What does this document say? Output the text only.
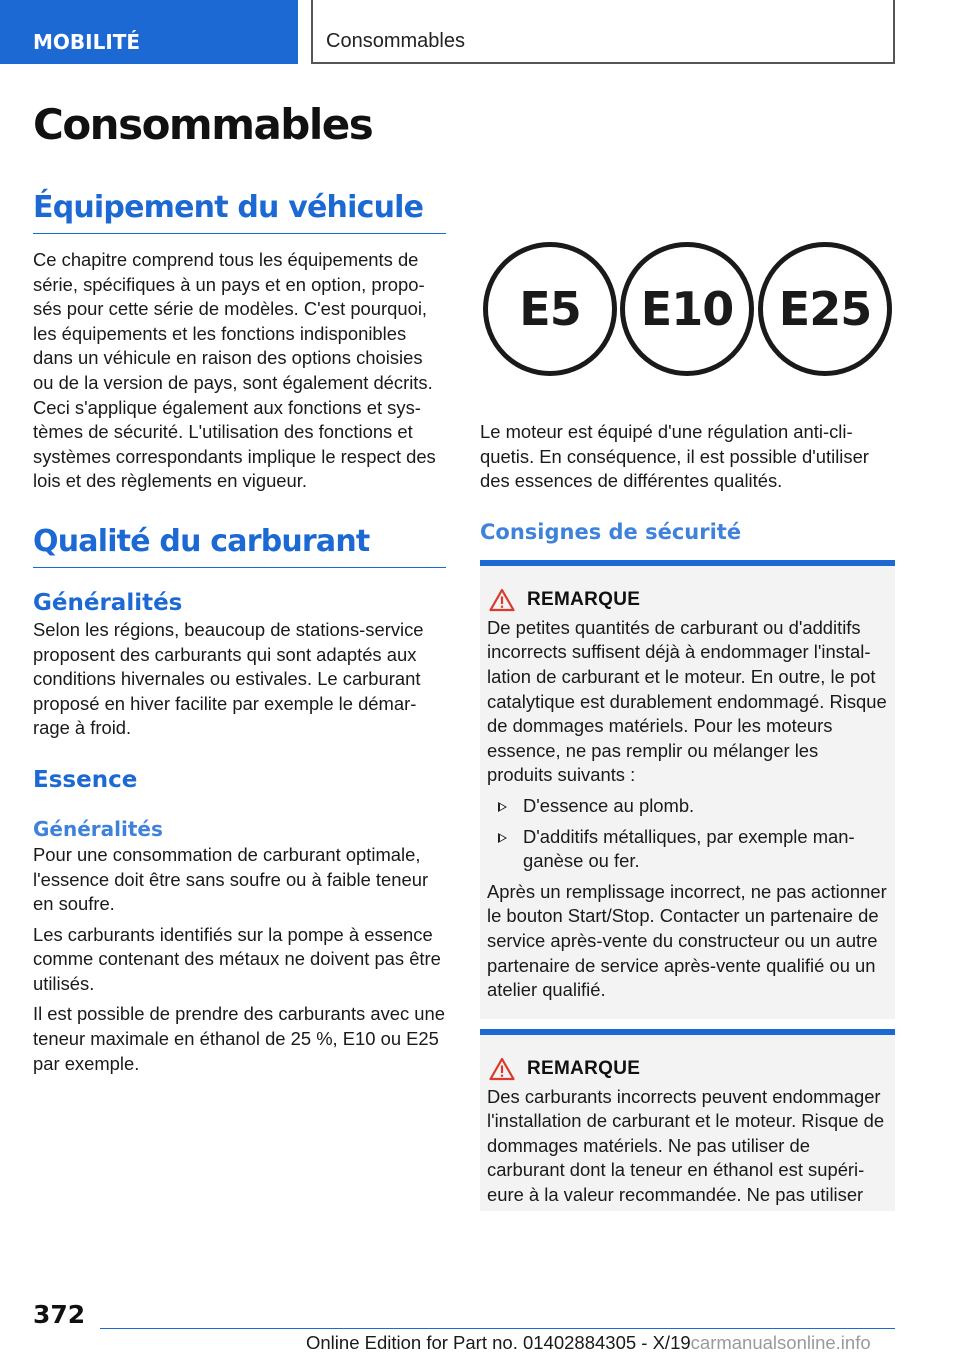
MOBILITÉ	Consommables
Consommables
Équipement du véhicule

Ce chapitre comprend tous les équipements de série, spécifiques à un pays et en option, proposés pour cette série de modèles. C'est pourquoi, les équipements et les fonctions indisponibles dans un véhicule en raison des options choisies ou de la version de pays, sont également décrits. Ceci s'applique également aux fonctions et systèmes de sécurité. L'utilisation des fonctions et systèmes correspondants implique le respect des lois et des règlements en vigueur.

Qualité du carburant
Généralités

Selon les régions, beaucoup de stations-service proposent des carburants qui sont adaptés aux conditions hivernales ou estivales. Le carburant proposé en hiver facilite par exemple le démarrage à froid.

Essence
Généralités

Pour une consommation de carburant optimale, l'essence doit être sans soufre ou à faible teneur en soufre.

Les carburants identifiés sur la pompe à essence comme contenant des métaux ne doivent pas être utilisés.

Il est possible de prendre des carburants avec une teneur maximale en éthanol de 25 %, E10 ou E25 par exemple.

E5	E10 E25

Le moteur est équipé d'une régulation anti-cliquetis. En conséquence, il est possible d'utiliser des essences de différentes qualités.

Consignes de sécurité
REMARQUE

De petites quantités de carburant ou d'additifs incorrects suffisent déjà à endommager l'installation de carburant et le moteur. En outre, le pot catalytique est durablement endommagé. Risque de dommages matériels. Pour les moteurs essence, ne pas remplir ou mélanger les produits suivants :

D'essence au plomb.
D'additifs métalliques, par exemple manganèse ou fer.

Après un remplissage incorrect, ne pas actionner le bouton Start/Stop. Contacter un partenaire de service après-vente du constructeur ou un autre partenaire de service après-vente qualifié ou un atelier qualifié.

REMARQUE

Des carburants incorrects peuvent endommager l'installation de carburant et le moteur. Risque de dommages matériels. Ne pas utiliser de carburant dont la teneur en éthanol est supérieure à la valeur recommandée. Ne pas utiliser

372
Online Edition for Part no. 01402884305 - X/19carmanualsonline.info
